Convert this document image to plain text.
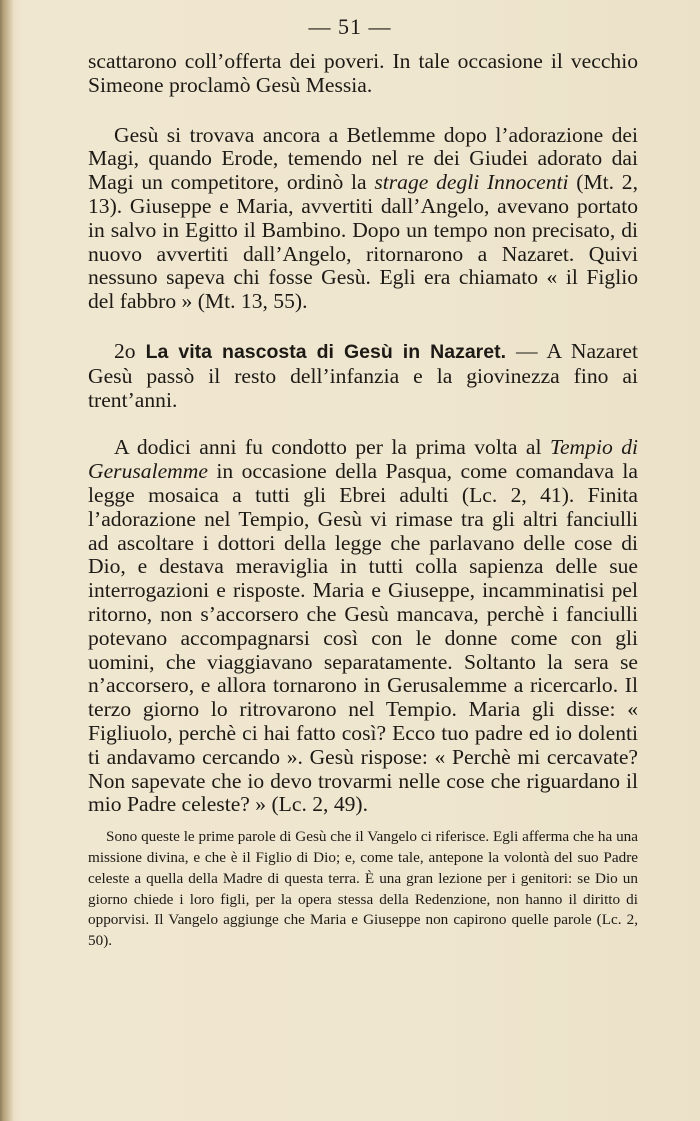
— 51 —

scattarono coll’offerta dei poveri. In tale occasione il vecchio Simeone proclamò Gesù Messia.

Gesù si trovava ancora a Betlemme dopo l’adorazione dei Magi, quando Erode, temendo nel re dei Giudei adorato dai Magi un competitore, ordinò la strage degli Innocenti (Mt. 2, 13). Giuseppe e Maria, avvertiti dall’Angelo, avevano portato in salvo in Egitto il Bambino. Dopo un tempo non precisato, di nuovo avvertiti dall’Angelo, ritornarono a Nazaret. Quivi nessuno sapeva chi fosse Gesù. Egli era chiamato « il Figlio del fabbro » (Mt. 13, 55).

2o La vita nascosta di Gesù in Nazaret. — A Nazaret Gesù passò il resto dell’infanzia e la giovinezza fino ai trent’anni.

A dodici anni fu condotto per la prima volta al Tempio di Gerusalemme in occasione della Pasqua, come comandava la legge mosaica a tutti gli Ebrei adulti (Lc. 2, 41). Finita l’adorazione nel Tempio, Gesù vi rimase tra gli altri fanciulli ad ascoltare i dottori della legge che parlavano delle cose di Dio, e destava meraviglia in tutti colla sapienza delle sue interrogazioni e risposte. Maria e Giuseppe, incamminatisi pel ritorno, non s’accorsero che Gesù mancava, perchè i fanciulli potevano accompagnarsi così con le donne come con gli uomini, che viaggiavano separatamente. Soltanto la sera se n’accorsero, e allora tornarono in Gerusalemme a ricercarlo. Il terzo giorno lo ritrovarono nel Tempio. Maria gli disse: « Figliuolo, perchè ci hai fatto così? Ecco tuo padre ed io dolenti ti andavamo cercando ». Gesù rispose: « Perchè mi cercavate? Non sapevate che io devo trovarmi nelle cose che riguardano il mio Padre celeste? » (Lc. 2, 49).

Sono queste le prime parole di Gesù che il Vangelo ci riferisce. Egli afferma che ha una missione divina, e che è il Figlio di Dio; e, come tale, antepone la volontà del suo Padre celeste a quella della Madre di questa terra. È una gran lezione per i genitori: se Dio un giorno chiede i loro figli, per la opera stessa della Redenzione, non hanno il diritto di opporvisi. Il Vangelo aggiunge che Maria e Giuseppe non capirono quelle parole (Lc. 2, 50).
